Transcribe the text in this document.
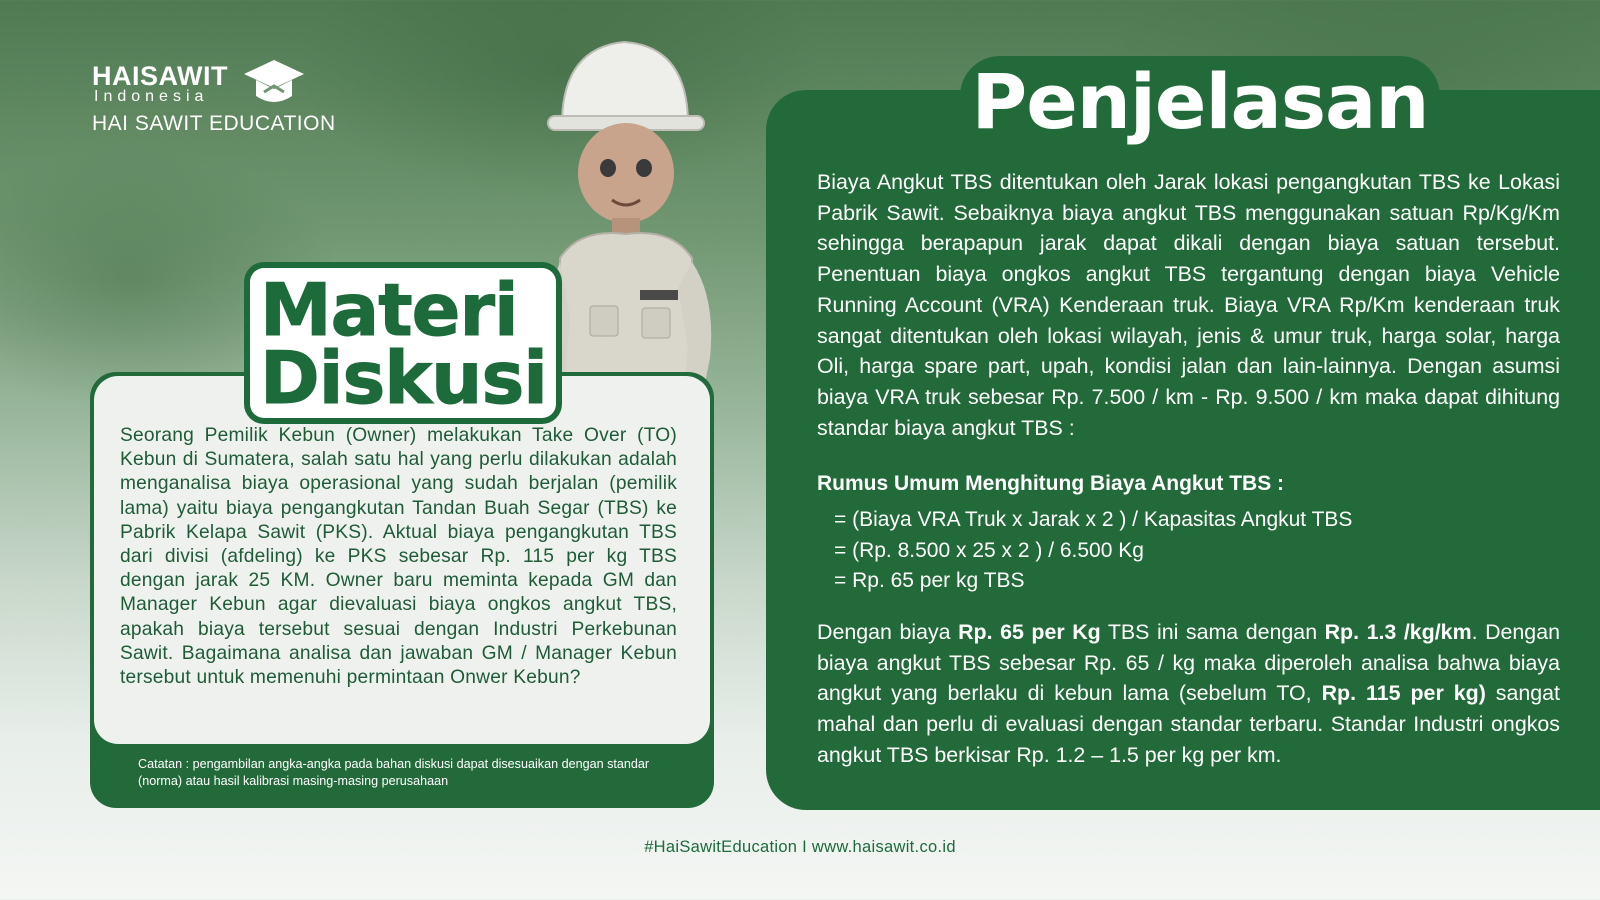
HAISAWIT
Indonesia
HAI SAWIT EDUCATION
Seorang Pemilik Kebun (Owner) melakukan Take Over (TO) Kebun di Sumatera, salah satu hal yang perlu dilakukan adalah menganalisa biaya operasional yang sudah berjalan (pemilik lama) yaitu biaya pengangkutan Tandan Buah Segar (TBS) ke Pabrik Kelapa Sawit (PKS). Aktual biaya pengangkutan TBS dari divisi (afdeling) ke PKS sebesar Rp. 115 per kg TBS dengan jarak 25 KM. Owner baru meminta kepada GM dan Manager Kebun agar dievaluasi biaya ongkos angkut TBS, apakah biaya tersebut sesuai dengan Industri Perkebunan Sawit. Bagaimana analisa dan jawaban GM / Manager Kebun tersebut untuk memenuhi permintaan Onwer Kebun?
Catatan : pengambilan angka-angka pada bahan diskusi dapat disesuaikan dengan standar (norma) atau hasil kalibrasi masing-masing perusahaan
Materi
Diskusi
Penjelasan
Biaya Angkut TBS ditentukan oleh Jarak lokasi pengangkutan TBS ke Lokasi Pabrik Sawit. Sebaiknya biaya angkut TBS menggunakan satuan Rp/Kg/Km sehingga berapapun jarak dapat dikali dengan biaya satuan tersebut. Penentuan biaya ongkos angkut TBS tergantung dengan biaya Vehicle Running Account (VRA) Kenderaan truk. Biaya VRA Rp/Km kenderaan truk sangat ditentukan oleh lokasi wilayah, jenis & umur truk, harga solar, harga Oli, harga spare part, upah, kondisi jalan dan lain-lainnya. Dengan asumsi biaya VRA truk sebesar Rp. 7.500 / km - Rp. 9.500 / km maka dapat dihitung standar biaya angkut TBS :
Rumus Umum Menghitung Biaya Angkut TBS :
= (Biaya VRA Truk x Jarak x 2 ) / Kapasitas Angkut TBS
= (Rp. 8.500 x 25 x 2 ) / 6.500 Kg
= Rp. 65 per kg TBS
Dengan biaya Rp. 65 per Kg TBS ini sama dengan Rp. 1.3 /kg/km. Dengan biaya angkut TBS sebesar Rp. 65 / kg maka diperoleh analisa bahwa biaya angkut yang berlaku di kebun lama (sebelum TO, Rp. 115 per kg) sangat mahal dan perlu di evaluasi dengan standar terbaru. Standar Industri ongkos angkut TBS berkisar Rp. 1.2 – 1.5 per kg per km.
#HaiSawitEducation I www.haisawit.co.id
